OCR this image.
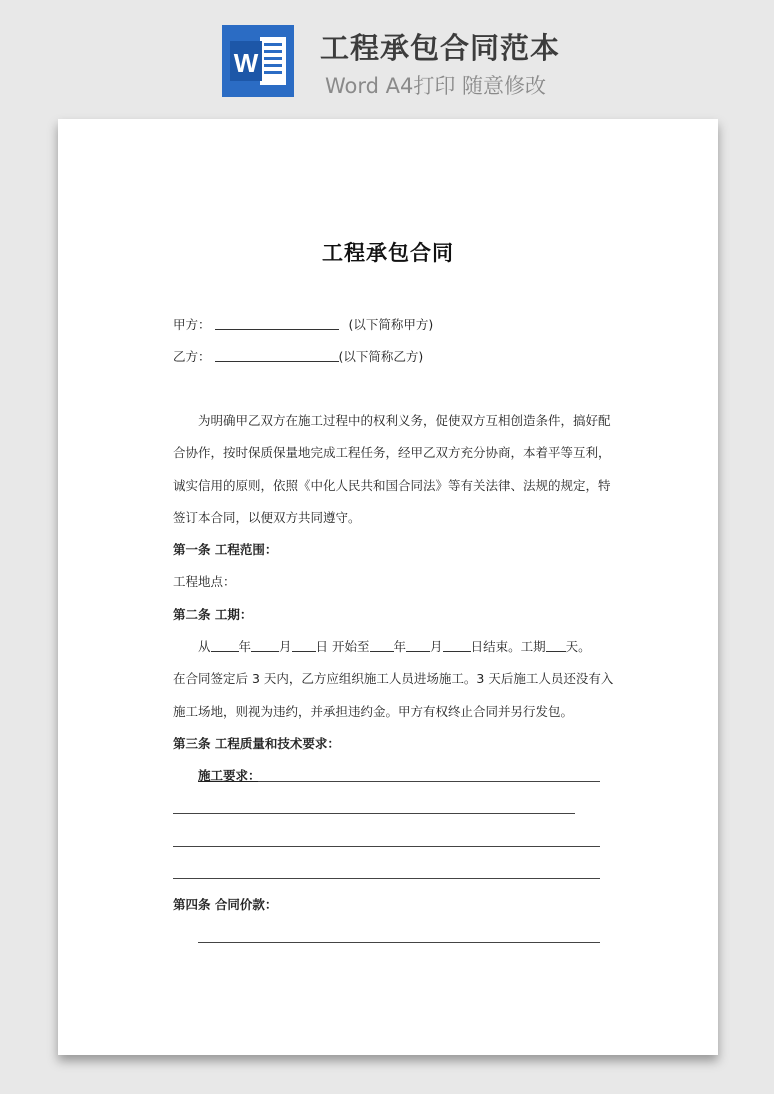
W 工程承包合同范本
Word A4打印 随意修改
工程承包合同
甲方：	(以下简称甲方)
乙方：	(以下简称乙方)
为明确甲乙双方在施工过程中的权利义务，促使双方互相创造条件，搞好配
合协作，按时保质保量地完成工程任务，经甲乙双方充分协商，本着平等互利，
诚实信用的原则，依照《中化人民共和国合同法》等有关法律、法规的规定，特
签订本合同，以便双方共同遵守。
第一条 工程范围：
工程地点：
第二条 工期：
从 年 月 日 开始至 年 月 日结束。工期 天。
在合同签定后 3 天内，乙方应组织施工人员进场施工。3 天后施工人员还没有入
施工场地，则视为违约，并承担违约金。甲方有权终止合同并另行发包。
第三条 工程质量和技术要求：
施工要求：
第四条 合同价款：
